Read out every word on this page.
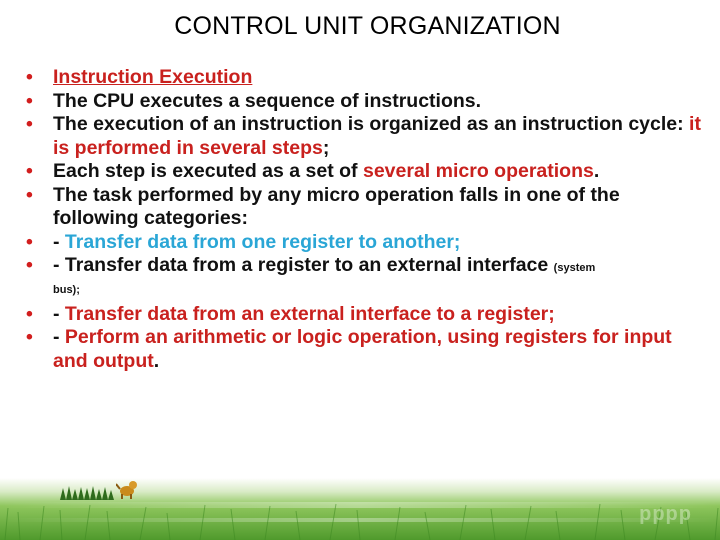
CONTROL UNIT ORGANIZATION
• Instruction Execution
• The CPU executes a sequence of instructions.
• The execution of an instruction is organized as an instruction cycle: it is performed in several steps;
• Each step is executed as a set of several micro operations.
• The task performed by any micro operation falls in one of the following categories:
• - Transfer data from one register to another;
• - Transfer data from a register to an external interface (system
bus);
• - Transfer data from an external interface to a register;
• - Perform an arithmetic or logic operation, using registers for input and output.
pppp
